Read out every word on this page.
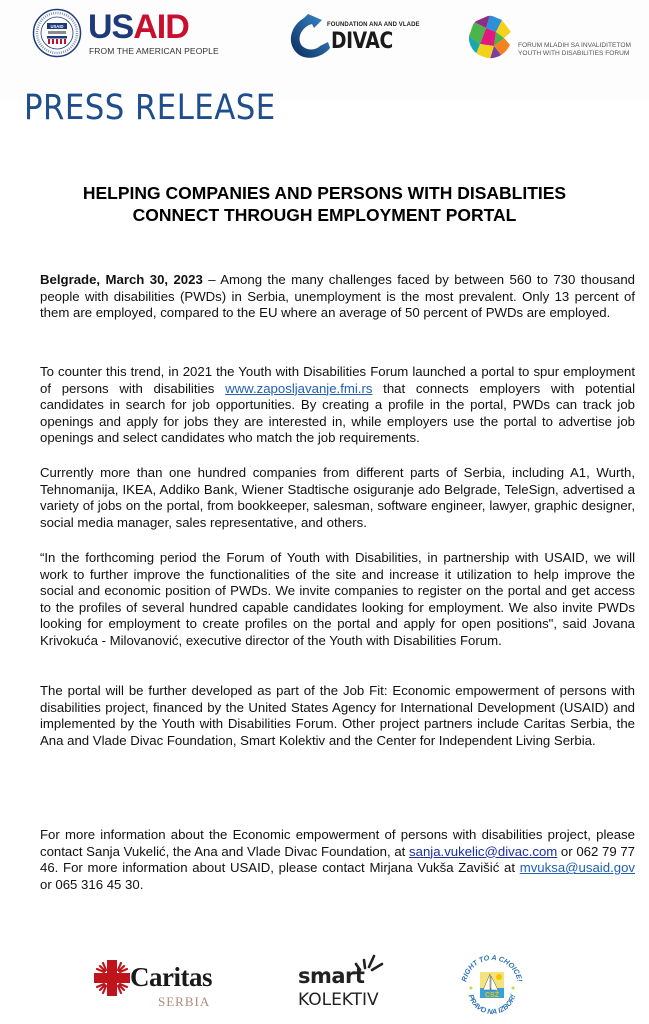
USAID USAID
FROM THE AMERICAN PEOPLE
FOUNDATION ANA AND VLADE
DIVAC	FORUM MLADIH SA INVALIDITETOM
YOUTH WITH DISABILITIES FORUM
PRESS RELEASE
HELPING COMPANIES AND PERSONS WITH DISABLITIES
CONNECT THROUGH EMPLOYMENT PORTAL
Belgrade, March 30, 2023 – Among the many challenges faced by between 560 to 730 thousand people with disabilities (PWDs) in Serbia, unemployment is the most prevalent. Only 13 percent of them are employed, compared to the EU where an average of 50 percent of PWDs are employed.
To counter this trend, in 2021 the Youth with Disabilities Forum launched a portal to spur employment of persons with disabilities www.zaposljavanje.fmi.rs that connects employers with potential candidates in search for job opportunities. By creating a profile in the portal, PWDs can track job openings and apply for jobs they are interested in, while employers use the portal to advertise job openings and select candidates who match the job requirements.
Currently more than one hundred companies from different parts of Serbia, including A1, Wurth, Tehnomanija, IKEA, Addiko Bank, Wiener Stadtische osiguranje ado Belgrade, TeleSign, advertised a variety of jobs on the portal, from bookkeeper, salesman, software engineer, lawyer, graphic designer, social media manager, sales representative, and others.
“In the forthcoming period the Forum of Youth with Disabilities, in partnership with USAID, we will work to further improve the functionalities of the site and increase it utilization to help improve the social and economic position of PWDs. We invite companies to register on the portal and get access to the profiles of several hundred capable candidates looking for employment. We also invite PWDs looking for employment to create profiles on the portal and apply for open positions", said Jovana Krivokuća - Milovanović, executive director of the Youth with Disabilities Forum.
The portal will be further developed as part of the Job Fit: Economic empowerment of persons with disabilities project, financed by the United States Agency for International Development (USAID) and implemented by the Youth with Disabilities Forum. Other project partners include Caritas Serbia, the Ana and Vlade Divac Foundation, Smart Kolektiv and the Center for Independent Living Serbia.
For more information about the Economic empowerment of persons with disabilities project, please contact Sanja Vukelić, the Ana and Vlade Divac Foundation, at sanja.vukelic@divac.com or 062 79 77 46. For more information about USAID, please contact Mirjana Vukša Zavišić at mvuksa@usaid.gov or 065 316 45 30.
Caritas
SERBIA
smart
KOLEKTIV
RIGHT TO A CHOICE!
PRAVO NA IZBOR!
CSŽ
